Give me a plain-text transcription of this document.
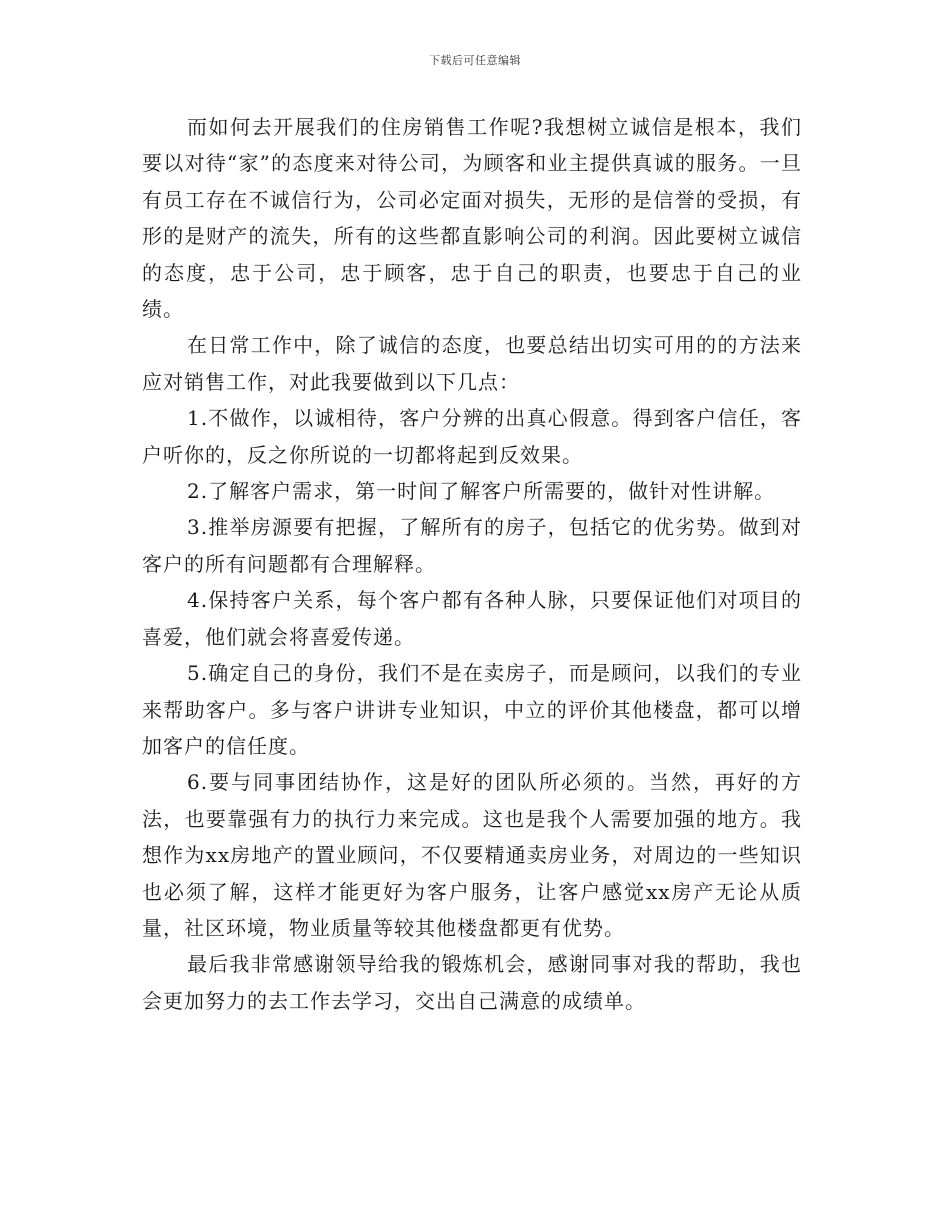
下载后可任意编辑

而如何去开展我们的住房销售工作呢?我想树立诚信是根本，我们要以对待“家”的态度来对待公司，为顾客和业主提供真诚的服务。一旦有员工存在不诚信行为，公司必定面对损失，无形的是信誉的受损，有形的是财产的流失，所有的这些都直影响公司的利润。因此要树立诚信的态度，忠于公司，忠于顾客，忠于自己的职责，也要忠于自己的业绩。

在日常工作中，除了诚信的态度，也要总结出切实可用的的方法来应对销售工作，对此我要做到以下几点：

1.不做作，以诚相待，客户分辨的出真心假意。得到客户信任，客户听你的，反之你所说的一切都将起到反效果。

2.了解客户需求，第一时间了解客户所需要的，做针对性讲解。

3.推举房源要有把握，了解所有的房子，包括它的优劣势。做到对客户的所有问题都有合理解释。

4.保持客户关系，每个客户都有各种人脉，只要保证他们对项目的喜爱，他们就会将喜爱传递。

5.确定自己的身份，我们不是在卖房子，而是顾问，以我们的专业来帮助客户。多与客户讲讲专业知识，中立的评价其他楼盘，都可以增加客户的信任度。

6.要与同事团结协作，这是好的团队所必须的。当然，再好的方法，也要靠强有力的执行力来完成。这也是我个人需要加强的地方。我想作为xx房地产的置业顾问，不仅要精通卖房业务，对周边的一些知识也必须了解，这样才能更好为客户服务，让客户感觉xx房产无论从质量，社区环境，物业质量等较其他楼盘都更有优势。

最后我非常感谢领导给我的锻炼机会，感谢同事对我的帮助，我也会更加努力的去工作去学习，交出自己满意的成绩单。
